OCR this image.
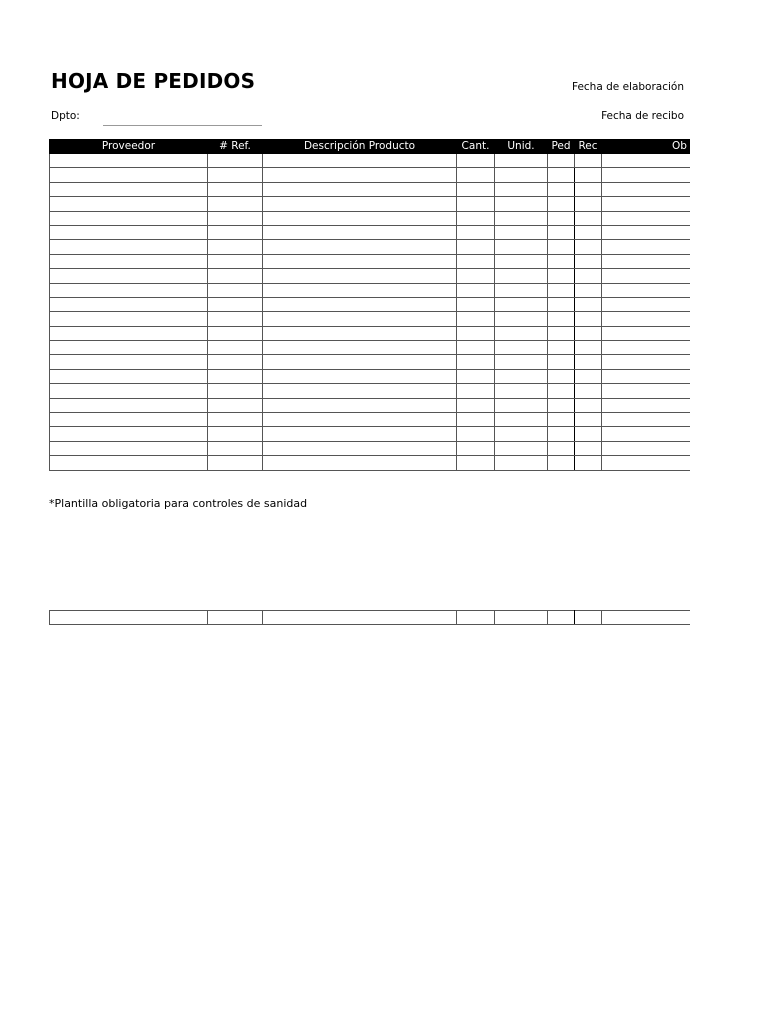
HOJA DE PEDIDOS	Fecha de elaboración
Fecha de recibo
Dpto:
Proveedor	# Ref.	Descripción Producto	Cant.	Unid.	Ped	Rec	Ob

*Plantilla obligatoria para controles de sanidad
